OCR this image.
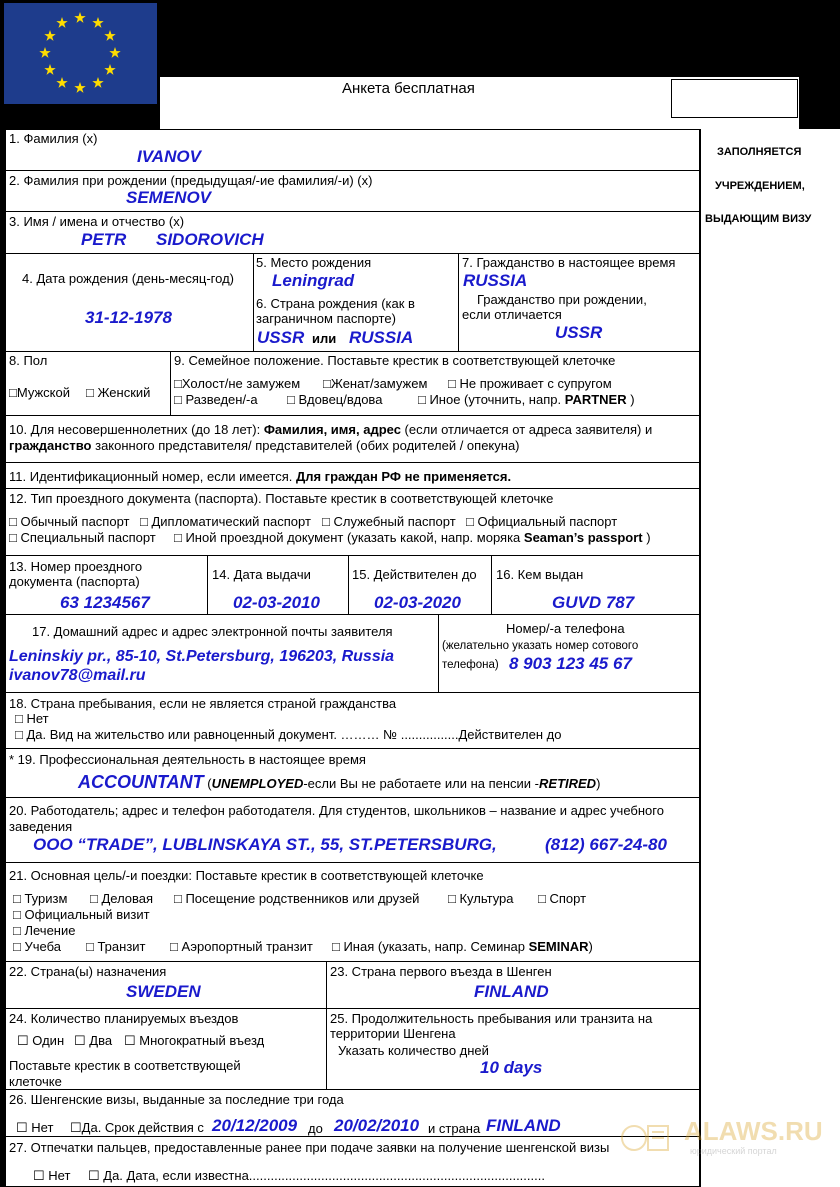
Анкета бесплатная
ЗАПОЛНЯЕТСЯ
УЧРЕЖДЕНИЕМ,
ВЫДАЮЩИМ ВИЗУ
1. Фамилия (x)
IVANOV
2. Фамилия при рождении (предыдущая/-ие фамилия/-и) (x)
SEMENOV
3. Имя / имена и отчество (x)
PETR SIDOROVICH
4. Дата рождения (день-месяц-год)
31-12-1978
5. Место рождения
Leningrad
6. Страна рождения (как в
заграничном паспорте)
USSR или RUSSIA
7. Гражданство в настоящее время
RUSSIA
Гражданство при рождении,
если отличается
USSR
8. Пол
□Мужской □ Женский
9. Семейное положение. Поставьте крестик в соответствующей клеточке
□Холост/не замужем □Женат/замужем □ Не проживает с супругом
□ Разведен/-а □ Вдовец/вдова	□ Иное (уточнить, напр. PARTNER )
10. Для несовершеннолетних (до 18 лет): Фамилия, имя, адрес (если отличается от адреса заявителя) и
гражданство законного представителя/ представителей (обих родителей / опекуна)
11. Идентификационный номер, если имеется. Для граждан РФ не применяется.
12. Тип проездного документа (паспорта). Поставьте крестик в соответствующей клеточке
□ Обычный паспорт □ Дипломатический паспорт □ Служебный паспорт □ Официальный паспорт
□ Специальный паспорт □ Иной проездной документ (указать какой, напр. моряка Seaman’s passport )
13. Номер проездного
документа (паспорта)
63 1234567
14. Дата выдачи
02-03-2010
15. Действителен до
02-03-2020
16. Кем выдан
GUVD 787
17. Домашний адрес и адрес электронной почты заявителя
Leninskiy pr., 85-10, St.Petersburg, 196203, Russia
ivanov78@mail.ru
Номер/-а телефона
(желательно указать номер сотового
телефона) 8 903 123 45 67
18. Страна пребывания, если не является страной гражданства
□ Нет
□ Да. Вид на жительство или равноценный документ. ……… № ................Действителен до
* 19. Профессиональная деятельность в настоящее время
ACCOUNTANT (UNEMPLOYED-если Вы не работаете или на пенсии -RETIRED)
20. Работодатель; адрес и телефон работодателя. Для студентов, школьников – название и адрес учебного
заведения
OOO “TRADE”, LUBLINSKAYA ST., 55, ST.PETERSBURG,	(812) 667-24-80
21. Основная цель/-и поездки: Поставьте крестик в соответствующей клеточке
□ Туризм □ Деловая □ Посещение родственников или друзей □ Культура □ Спорт
□ Официальный визит
□ Лечение
□ Учеба □ Транзит □ Аэропортный транзит □ Иная (указать, напр. Семинар SEMINAR)
22. Страна(ы) назначения
SWEDEN
23. Страна первого въезда в Шенген
FINLAND
24. Количество планируемых въездов
☐ Один ☐ Два ☐ Многократный въезд
Поставьте крестик в соответствующей
клеточке
25. Продолжительность пребывания или транзита на
территории Шенгена
Указать количество дней
10 days
26. Шенгенские визы, выданные за последние три года
☐ Нет ☐Да. Срок действия с 20/12/2009 до 20/02/2010 и страна FINLAND
27. Отпечатки пальцев, предоставленные ранее при подаче заявки на получение шенгенской визы
☐ Нет ☐ Да. Дата, если известна..................................................................................
ALAWS.RU
юридический портал
